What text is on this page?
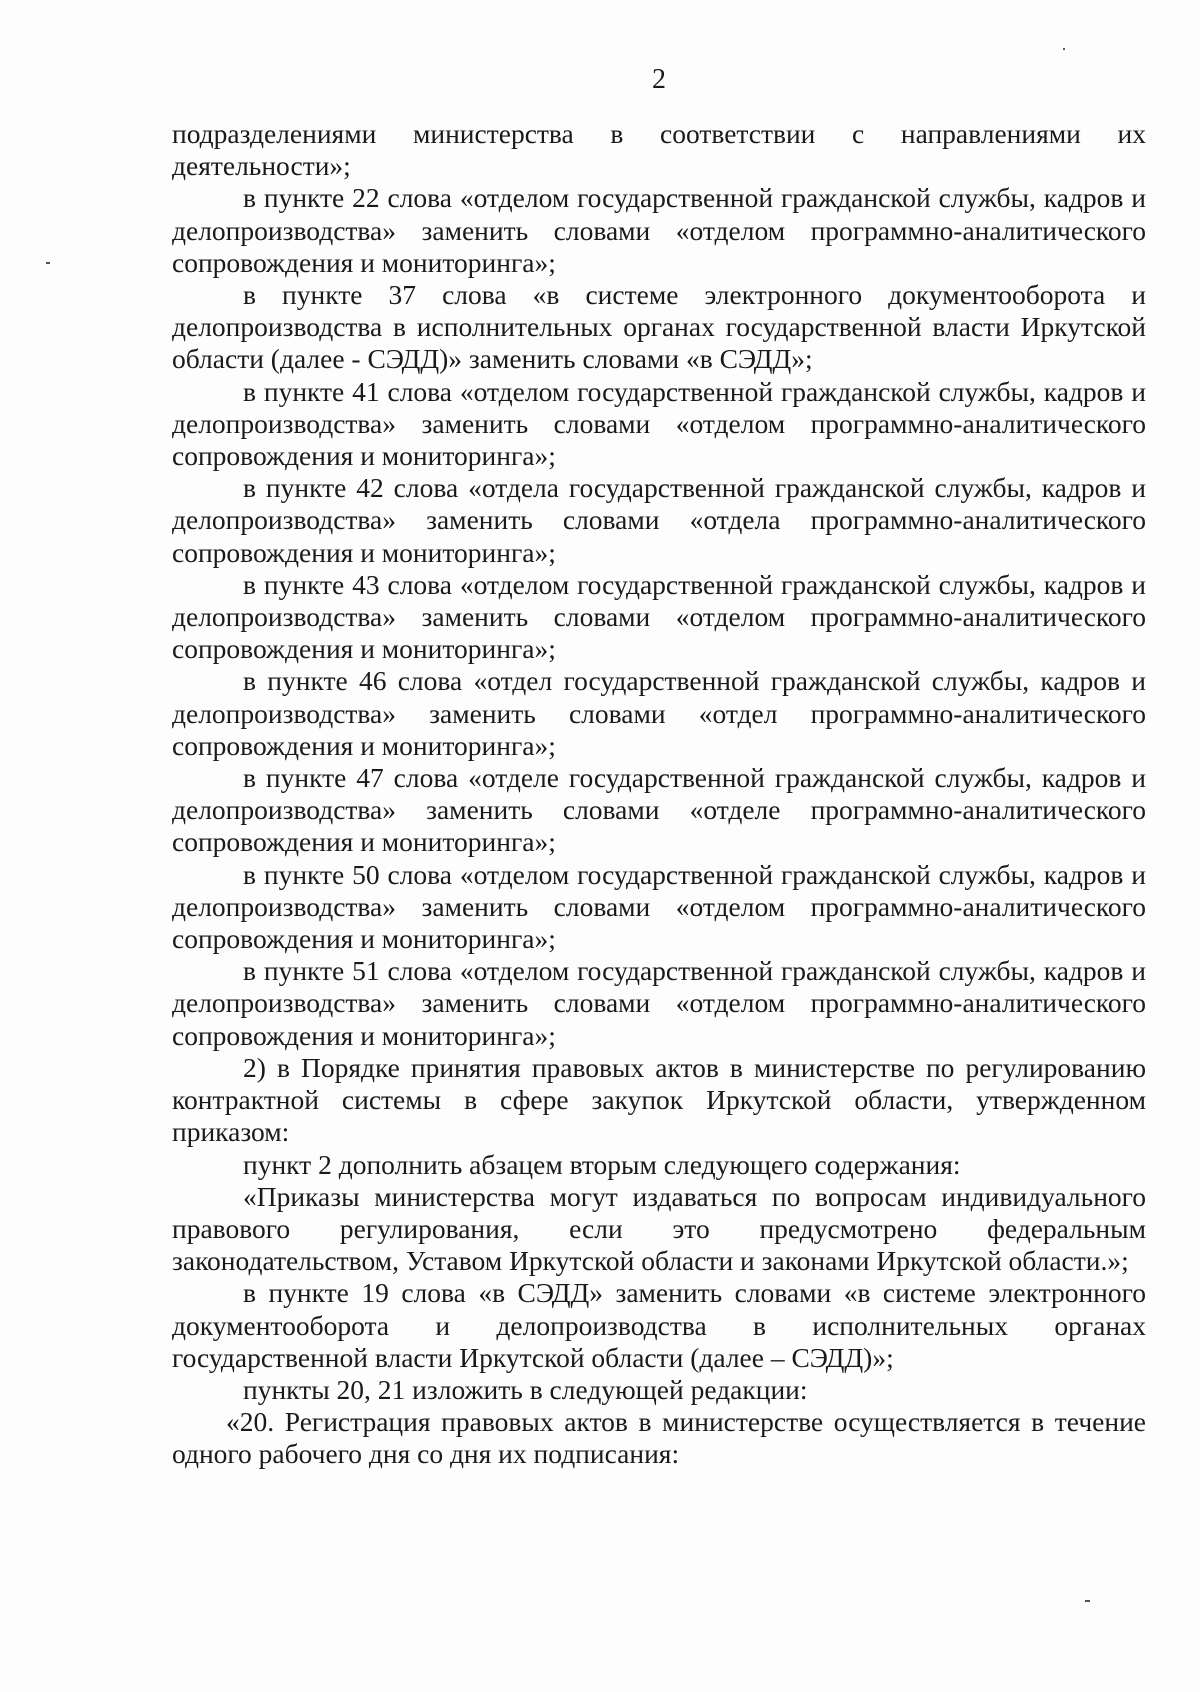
2

подразделениями министерства в соответствии с направлениями их деятельности»;

в пункте 22 слова «отделом государственной гражданской службы, кадров и делопроизводства» заменить словами «отделом программно-аналитического сопровождения и мониторинга»;

в пункте 37 слова «в системе электронного документооборота и делопроизводства в исполнительных органах государственной власти Иркутской области (далее - СЭДД)» заменить словами «в СЭДД»;

в пункте 41 слова «отделом государственной гражданской службы, кадров и делопроизводства» заменить словами «отделом программно-аналитического сопровождения и мониторинга»;

в пункте 42 слова «отдела государственной гражданской службы, кадров и делопроизводства» заменить словами «отдела программно-аналитического сопровождения и мониторинга»;

в пункте 43 слова «отделом государственной гражданской службы, кадров и делопроизводства» заменить словами «отделом программно-аналитического сопровождения и мониторинга»;

в пункте 46 слова «отдел государственной гражданской службы, кадров и делопроизводства» заменить словами «отдел программно-аналитического сопровождения и мониторинга»;

в пункте 47 слова «отделе государственной гражданской службы, кадров и делопроизводства» заменить словами «отделе программно-аналитического сопровождения и мониторинга»;

в пункте 50 слова «отделом государственной гражданской службы, кадров и делопроизводства» заменить словами «отделом программно-аналитического сопровождения и мониторинга»;

в пункте 51 слова «отделом государственной гражданской службы, кадров и делопроизводства» заменить словами «отделом программно-аналитического сопровождения и мониторинга»;

2) в Порядке принятия правовых актов в министерстве по регулированию контрактной системы в сфере закупок Иркутской области, утвержденном приказом:

пункт 2 дополнить абзацем вторым следующего содержания:

«Приказы министерства могут издаваться по вопросам индивидуального правового регулирования, если это предусмотрено федеральным законодательством, Уставом Иркутской области и законами Иркутской области.»;

в пункте 19 слова «в СЭДД» заменить словами «в системе электронного документооборота и делопроизводства в исполнительных органах государственной власти Иркутской области (далее – СЭДД)»;

пункты 20, 21 изложить в следующей редакции:

«20. Регистрация правовых актов в министерстве осуществляется в течение одного рабочего дня со дня их подписания:
